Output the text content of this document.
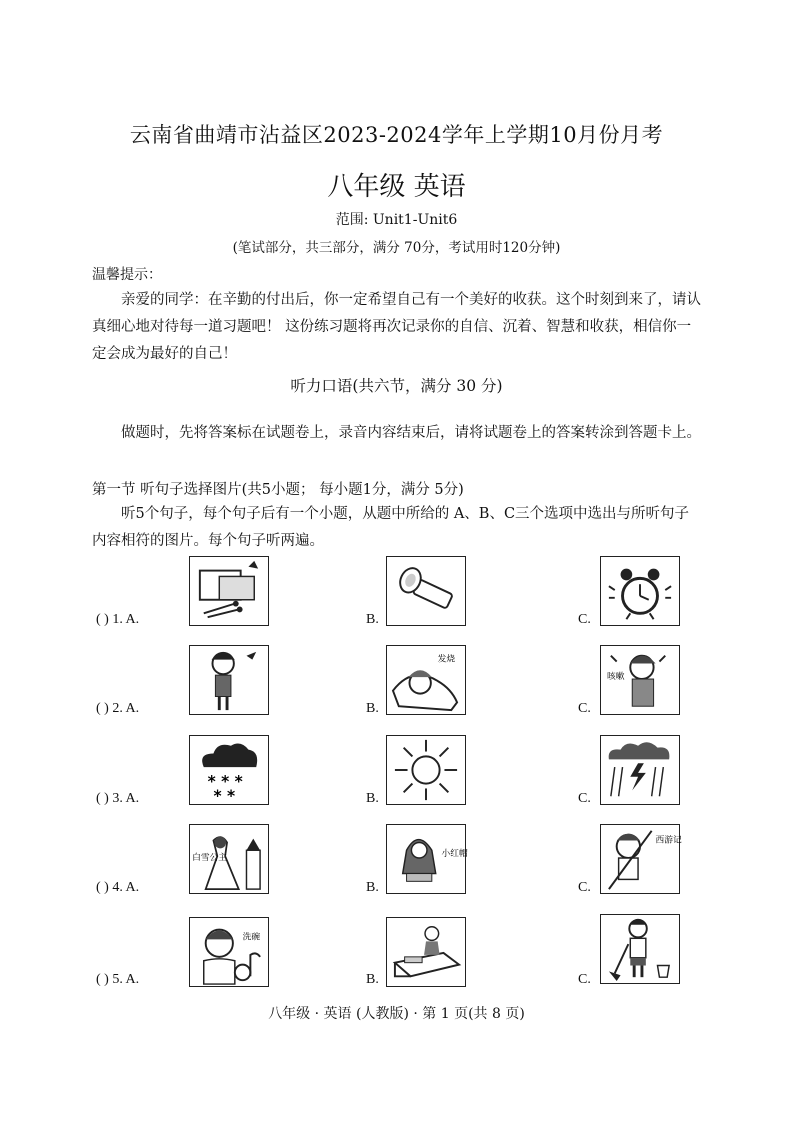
云南省曲靖市沾益区2023-2024学年上学期10月份月考
八年级 英语
范围: Unit1-Unit6
(笔试部分，共三部分，满分 70分，考试用时120分钟)
温馨提示：
亲爱的同学：在辛勤的付出后，你一定希望自己有一个美好的收获。这个时刻到来了，请认真细心地对待每一道习题吧！ 这份练习题将再次记录你的自信、沉着、智慧和收获，相信你一定会成为最好的自己！
听力口语(共六节，满分 30 分)
做题时，先将答案标在试题卷上，录音内容结束后，请将试题卷上的答案转涂到答题卡上。
第一节 听句子选择图片(共5小题； 每小题1分，满分 5分)
听5个句子，每个句子后有一个小题，从题中所给的 A、B、C三个选项中选出与所听句子内容相符的图片。每个句子听两遍。
( ) 1. A.	B.	C.
( ) 2. A.	B.
发烧
C.
咳嗽
( ) 3. A.
* * *
* *	B.	C.
( ) 4. A.
白雪公主
B.
小红帽
C.
西游记
( ) 5. A.
洗碗
B.	C.
八年级 · 英语 (人教版) · 第 1 页(共 8 页)
